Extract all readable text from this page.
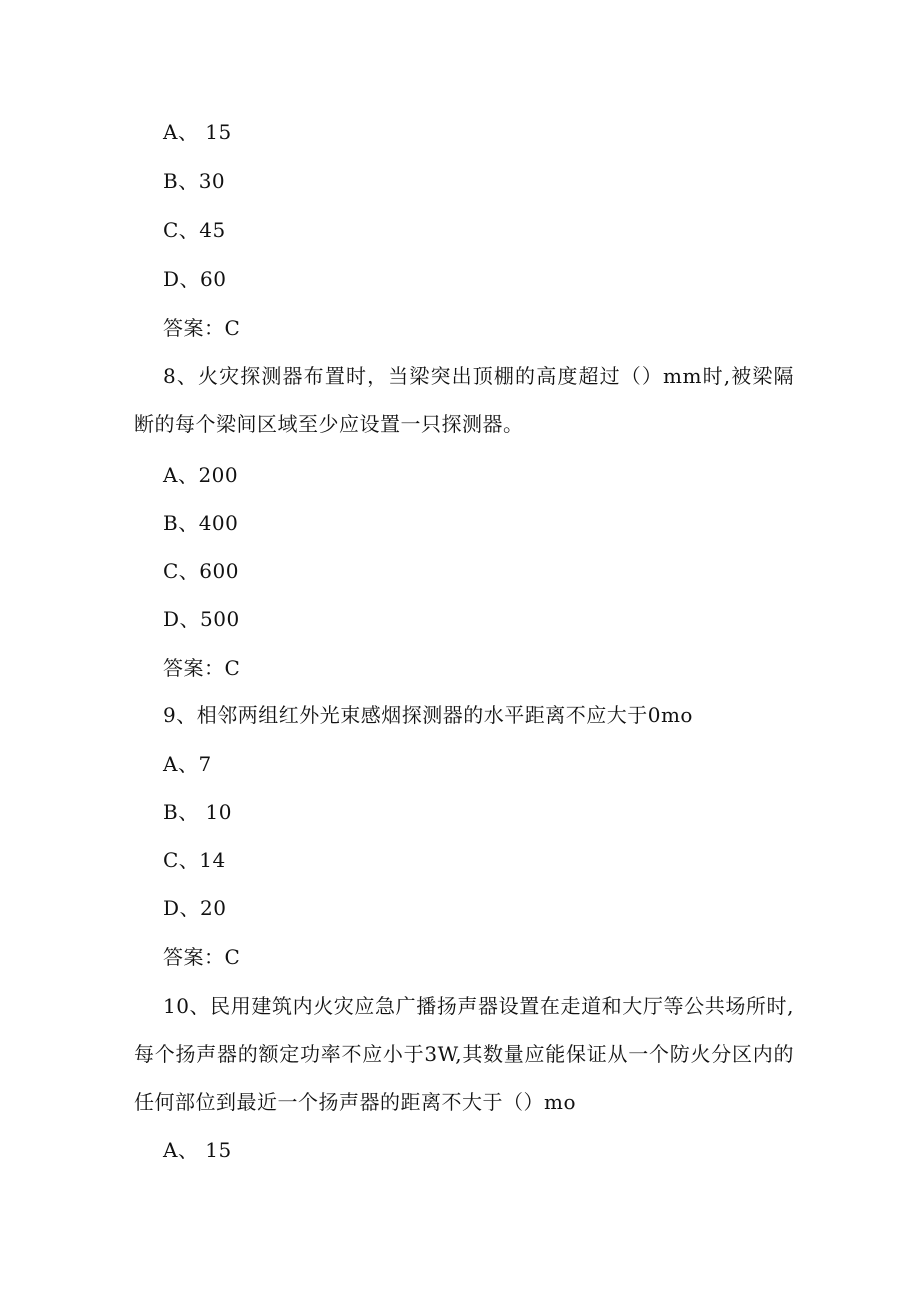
A、 15
B、30
C、45
D、60
答案：C
8、火灾探测器布置时，当梁突出顶棚的高度超过（）mm时,被梁隔断的每个梁间区域至少应设置一只探测器。
A、200
B、400
C、600
D、500
答案：C
9、相邻两组红外光束感烟探测器的水平距离不应大于0mo
A、7
B、 10
C、14
D、20
答案：C
10、民用建筑内火灾应急广播扬声器设置在走道和大厅等公共场所时,每个扬声器的额定功率不应小于3W,其数量应能保证从一个防火分区内的任何部位到最近一个扬声器的距离不大于（）mo
A、 15
